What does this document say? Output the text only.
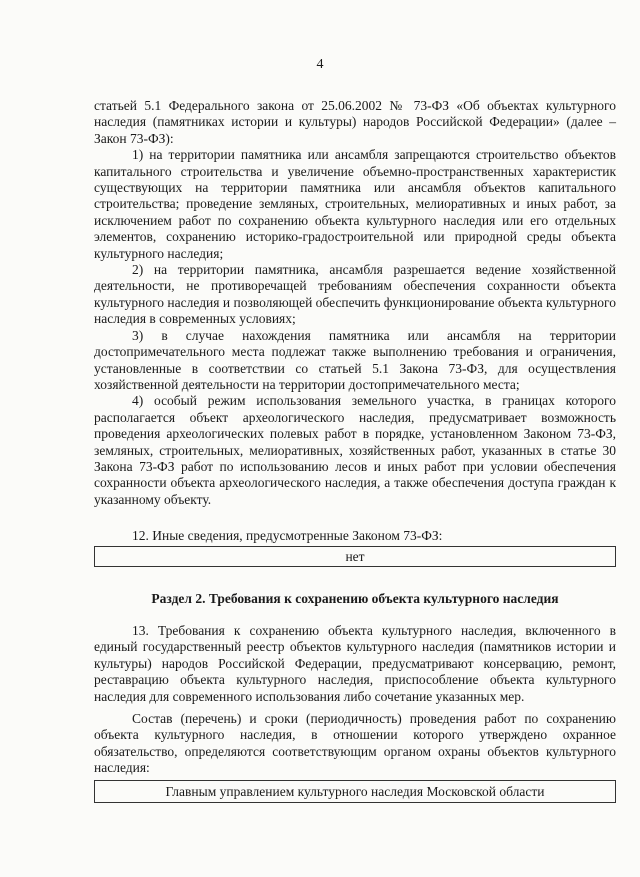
4

статьей 5.1 Федерального закона от 25.06.2002 № 73-ФЗ «Об объектах культурного наследия (памятниках истории и культуры) народов Российской Федерации» (далее – Закон 73-ФЗ):

1) на территории памятника или ансамбля запрещаются строительство объектов капитального строительства и увеличение объемно-пространственных характеристик существующих на территории памятника или ансамбля объектов капитального строительства; проведение земляных, строительных, мелиоративных и иных работ, за исключением работ по сохранению объекта культурного наследия или его отдельных элементов, сохранению историко-градостроительной или природной среды объекта культурного наследия;

2) на территории памятника, ансамбля разрешается ведение хозяйственной деятельности, не противоречащей требованиям обеспечения сохранности объекта культурного наследия и позволяющей обеспечить функционирование объекта культурного наследия в современных условиях;

3) в случае нахождения памятника или ансамбля на территории достопримечательного места подлежат также выполнению требования и ограничения, установленные в соответствии со статьей 5.1 Закона 73-ФЗ, для осуществления хозяйственной деятельности на территории достопримечательного места;

4) особый режим использования земельного участка, в границах которого располагается объект археологического наследия, предусматривает возможность проведения археологических полевых работ в порядке, установленном Законом 73-ФЗ, земляных, строительных, мелиоративных, хозяйственных работ, указанных в статье 30 Закона 73-ФЗ работ по использованию лесов и иных работ при условии обеспечения сохранности объекта археологического наследия, а также обеспечения доступа граждан к указанному объекту.

12. Иные сведения, предусмотренные Законом 73-ФЗ:

нет

Раздел 2. Требования к сохранению объекта культурного наследия

13. Требования к сохранению объекта культурного наследия, включенного в единый государственный реестр объектов культурного наследия (памятников истории и культуры) народов Российской Федерации, предусматривают консервацию, ремонт, реставрацию объекта культурного наследия, приспособление объекта культурного наследия для современного использования либо сочетание указанных мер.

Состав (перечень) и сроки (периодичность) проведения работ по сохранению объекта культурного наследия, в отношении которого утверждено охранное обязательство, определяются соответствующим органом охраны объектов культурного наследия:

Главным управлением культурного наследия Московской области
